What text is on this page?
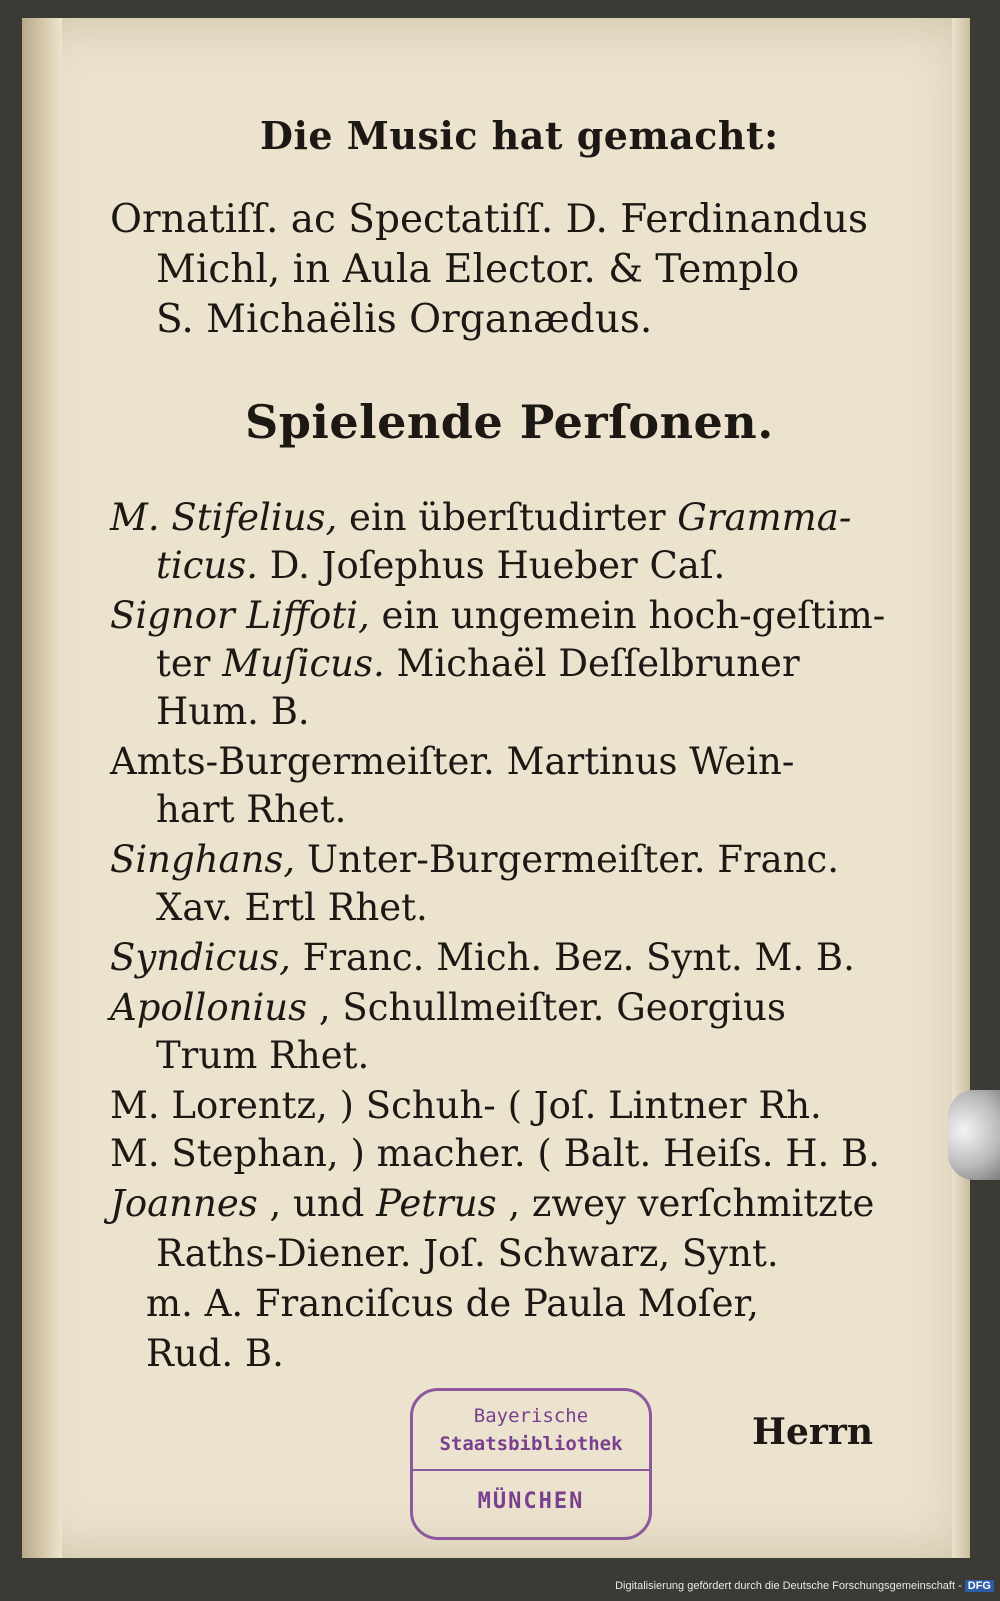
Die Music hat gemacht:
Ornatiſſ. ac Spectatiſſ. D. Ferdinandus
Michl, in Aula Elector. & Templo
S. Michaëlis Organædus.
Spielende Perſonen.
M. Stifelius, ein überſtudirter Gramma-
ticus. D. Joſephus Hueber Caſ.
Signor Liffoti, ein ungemein hoch-geſtim-
ter Muſicus. Michaël Deſſelbruner
Hum. B.
Amts-Burgermeiſter. Martinus Wein-
hart Rhet.
Singhans, Unter-Burgermeiſter. Franc.
Xav. Ertl Rhet.
Syndicus, Franc. Mich. Bez. Synt. M. B.
Apollonius , Schullmeiſter. Georgius
Trum Rhet.
M. Lorentz, ) Schuh- ( Joſ. Lintner Rh.
M. Stephan, ) macher. ( Balt. Heiſs. H. B.
Joannes , und Petrus , zwey verſchmitzte
Raths-Diener. Joſ. Schwarz, Synt.
m. A. Franciſcus de Paula Moſer,
Rud. B.
Bayerische
Staatsbibliothek
MÜNCHEN
Herrn
Digitalisierung gefördert durch die Deutsche Forschungsgemeinschaft - DFG
